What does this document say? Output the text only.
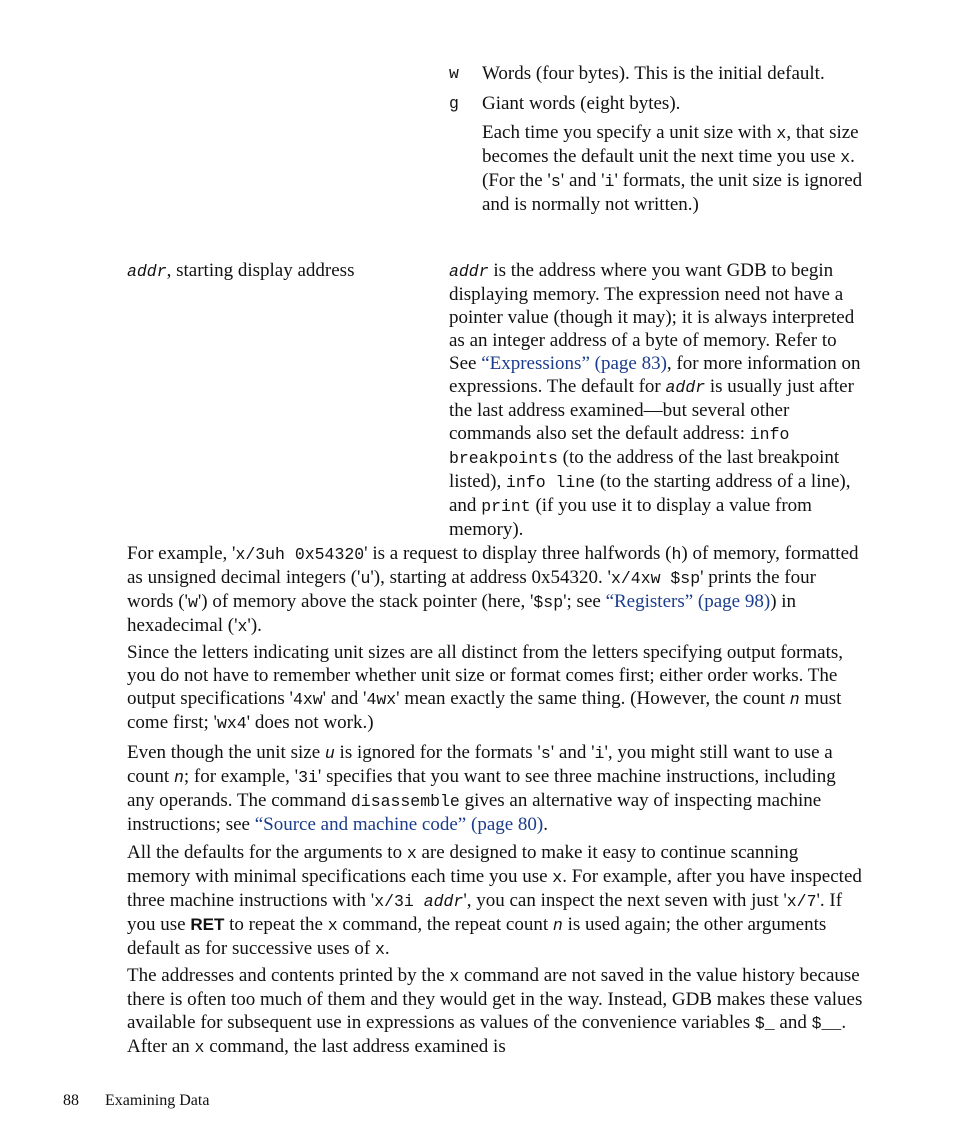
w	Words (four bytes). This is the initial default.
g	Giant words (eight bytes).

Each time you specify a unit size with x, that size becomes the default unit the next time you use x. (For the 's' and 'i' formats, the unit size is ignored and is normally not written.)

addr, starting display address	addr is the address where you want GDB to begin displaying memory. The expression need not have a pointer value (though it may); it is always interpreted as an integer address of a byte of memory. Refer to See “Expressions” (page 83), for more information on expressions. The default for addr is usually just after the last address examined—but several other commands also set the default address: info breakpoints (to the address of the last breakpoint listed), info line (to the starting address of a line), and print (if you use it to display a value from memory).

For example, 'x/3uh 0x54320' is a request to display three halfwords (h) of memory, formatted as unsigned decimal integers ('u'), starting at address 0x54320. 'x/4xw $sp' prints the four words ('w') of memory above the stack pointer (here, '$sp'; see “Registers” (page 98)) in hexadecimal ('x').

Since the letters indicating unit sizes are all distinct from the letters specifying output formats, you do not have to remember whether unit size or format comes first; either order works. The output specifications '4xw' and '4wx' mean exactly the same thing. (However, the count n must come first; 'wx4' does not work.)

Even though the unit size u is ignored for the formats 's' and 'i', you might still want to use a count n; for example, '3i' specifies that you want to see three machine instructions, including any operands. The command disassemble gives an alternative way of inspecting machine instructions; see “Source and machine code” (page 80).

All the defaults for the arguments to x are designed to make it easy to continue scanning memory with minimal specifications each time you use x. For example, after you have inspected three machine instructions with 'x/3i addr', you can inspect the next seven with just 'x/7'. If you use RET to repeat the x command, the repeat count n is used again; the other arguments default as for successive uses of x.

The addresses and contents printed by the x command are not saved in the value history because there is often too much of them and they would get in the way. Instead, GDB makes these values available for subsequent use in expressions as values of the convenience variables $_ and $__. After an x command, the last address examined is

88 Examining Data
